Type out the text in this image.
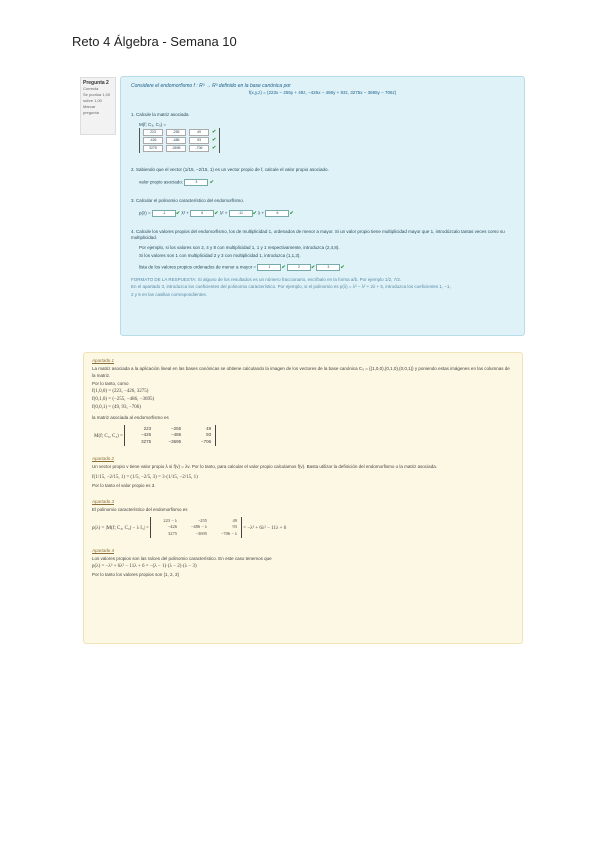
Reto 4 Álgebra - Semana 10
Pregunta 2
Correcta
Se puntúa 1,00
sobre 1,00
Marcar
pregunta

Considere el endomorfismo f : R³ → R³ definido en la base canónica por

f(x,y,z) = (223x − 255y + 49z, −426x − 486y + 93z, 3275x − 3695y − 706z)

1. Calcule la matriz asociada

M(f; C₃, C₃) =
223	-255	49	✔
-426	-486	93	✔
3275	-3695	-706	✔

2. Sabiendo que el vector (1/15, −2/15, 1) es un vector propio de f, calcule el valor propio asociado.

valor propio asociado:	3 ✔

3. Calcular el polinomio característico del endomorfismo.

p(λ) =	-1 ✔ λ³ +	6 ✔ λ² +	-11 ✔ λ +	6 ✔

4. Calcule los valores propios del endomorfismo, los de multiplicidad 1, ordenados de menor a mayor. Si un valor propio tiene multiplicidad mayor que 1, introdúzcalo tantas veces como su multiplicidad.

Por ejemplo, si los valores son 2, 4 y 8 con multiplicidad 1, 1 y 1 respectivamente, introduzca (2,4,8).

Si los valores son 1 con multiplicidad 2 y 3 con multiplicidad 1, introduzca (1,1,3).

lista de los valores propios ordenados de menor a mayor =	1 ✔	2 ✔	3 ✔

FORMATO DE LA RESPUESTA: Si alguno de los resultados es un número fraccionario, escríbalo en la forma a/b. Por ejemplo 1/2, 7/2.

En el apartado 3, introduzca los coeficientes del polinomio característico. Por ejemplo, si el polinomio es p(λ) = λ³ − λ² + 2λ + 5, introduzca los coeficientes 1, −1,

2 y 5 en las casillas correspondientes.

Apartado 1

La matriz asociada a la aplicación lineal en las bases canónicas se obtiene calculando la imagen de los vectores de la base canónica C₃ = {(1,0,0),(0,1,0),(0,0,1)} y poniendo estas imágenes en las columnas de la matriz.

Por lo tanto, como

f(1,0,0) = (223, −426, 3275)

f(0,1,0) = (−255, −486, −3695)

f(0,0,1) = (49, 93, −706)

la matriz asociada al endomorfismo es

M(f; C₃, C₃) =
223	−255	49
−426	−486	93
3275	−3695	−706
Apartado 2

Un vector propio v tiene valor propio λ si f(v) = λv. Por lo tanto, para calcular el valor propio calculamos f(v). Basta utilizar la definición del endomorfismo o la matriz asociada.

f(1/15, −2/15, 1) = (1/5, −2/5, 3) = 3·(1/15, −2/15, 1)

Por lo tanto el valor propio es 3.

Apartado 3

El polinomio característico del endomorfismo es

p(λ) = |M(f; C₃, C₃) − λ I₃| =
223 − λ	−255	49
−426	−486 − λ	93
3275	−3695	−706 − λ
= −λ³ + 6λ² − 11λ + 6
Apartado 4

Los valores propios son las raíces del polinomio característico. En este caso tenemos que

p(λ) = −λ³ + 6λ² − 11λ + 6 = −(λ − 1)·(λ − 2)·(λ − 3)

Por lo tanto los valores propios son {1, 2, 3}
